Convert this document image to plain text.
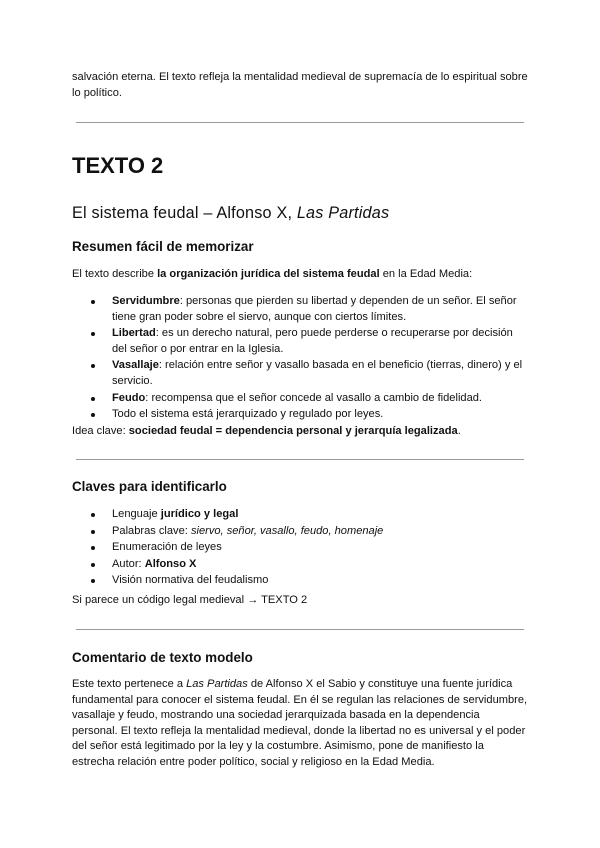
salvación eterna. El texto refleja la mentalidad medieval de supremacía de lo espiritual sobre lo político.

TEXTO 2
El sistema feudal – Alfonso X, Las Partidas
Resumen fácil de memorizar

El texto describe la organización jurídica del sistema feudal en la Edad Media:

Servidumbre: personas que pierden su libertad y dependen de un señor. El señor tiene gran poder sobre el siervo, aunque con ciertos límites.
Libertad: es un derecho natural, pero puede perderse o recuperarse por decisión del señor o por entrar en la Iglesia.
Vasallaje: relación entre señor y vasallo basada en el beneficio (tierras, dinero) y el servicio.
Feudo: recompensa que el señor concede al vasallo a cambio de fidelidad.
Todo el sistema está jerarquizado y regulado por leyes.

Idea clave: sociedad feudal = dependencia personal y jerarquía legalizada.

Claves para identificarlo
Lenguaje jurídico y legal
Palabras clave: siervo, señor, vasallo, feudo, homenaje
Enumeración de leyes
Autor: Alfonso X
Visión normativa del feudalismo

Si parece un código legal medieval → TEXTO 2

Comentario de texto modelo

Este texto pertenece a Las Partidas de Alfonso X el Sabio y constituye una fuente jurídica fundamental para conocer el sistema feudal. En él se regulan las relaciones de servidumbre, vasallaje y feudo, mostrando una sociedad jerarquizada basada en la dependencia personal. El texto refleja la mentalidad medieval, donde la libertad no es universal y el poder del señor está legitimado por la ley y la costumbre. Asimismo, pone de manifiesto la estrecha relación entre poder político, social y religioso en la Edad Media.
